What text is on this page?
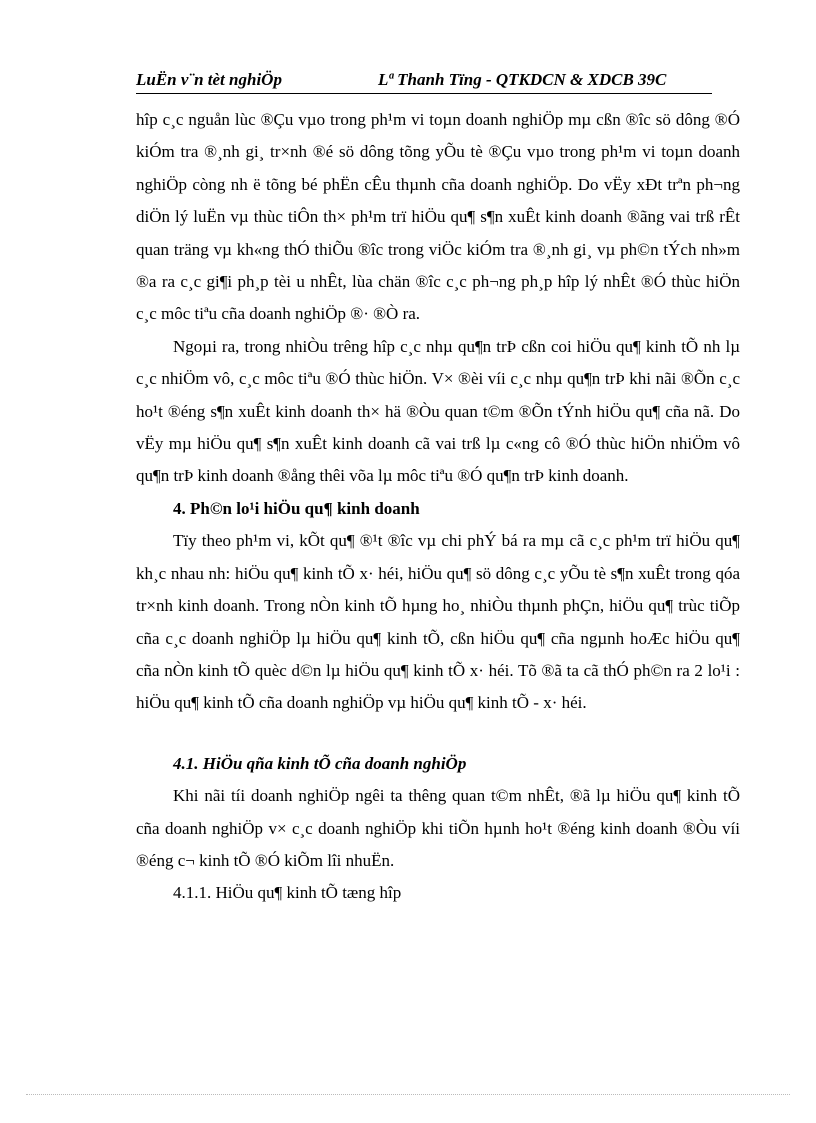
LuËn v¨n tèt nghiÖp	Lª Thanh Tïng - QTKDCN & XDCB 39C

hîp c¸c nguån lùc ®Çu vµo trong ph¹m vi toµn doanh nghiÖp mµ cßn ®îc sö dông ®Ó kiÓm tra ®¸nh gi¸ tr×nh ®é sö dông tõng yÕu tè ®Çu vµo trong ph¹m vi toµn doanh nghiÖp còng nh ë tõng bé phËn cÊu thµnh cña doanh nghiÖp. Do vËy xÐt trªn ph¬ng diÖn lý luËn vµ thùc tiÔn th× ph¹m trï hiÖu qu¶ s¶n xuÊt kinh doanh ®ãng vai trß rÊt quan träng vµ kh«ng thÓ thiÕu ®îc trong viÖc kiÓm tra ®¸nh gi¸ vµ ph©n tÝch nh»m ®a ra c¸c gi¶i ph¸p tèi u nhÊt, lùa chän ®îc c¸c ph¬ng ph¸p hîp lý nhÊt ®Ó thùc hiÖn c¸c môc tiªu cña doanh nghiÖp ®· ®Ò ra.

Ngoµi ra, trong nhiÒu trêng hîp c¸c nhµ qu¶n trÞ cßn coi hiÖu qu¶ kinh tÕ nh lµ c¸c nhiÖm vô, c¸c môc tiªu ®Ó thùc hiÖn. V× ®èi víi c¸c nhµ qu¶n trÞ khi nãi ®Õn c¸c ho¹t ®éng s¶n xuÊt kinh doanh th× hä ®Òu quan t©m ®Õn tÝnh hiÖu qu¶ cña nã. Do vËy mµ hiÖu qu¶ s¶n xuÊt kinh doanh cã vai trß lµ c«ng cô ®Ó thùc hiÖn nhiÖm vô qu¶n trÞ kinh doanh ®ång thêi võa lµ môc tiªu ®Ó qu¶n trÞ kinh doanh.

4. Ph©n lo¹i hiÖu qu¶ kinh doanh

Tïy theo ph¹m vi, kÕt qu¶ ®¹t ®îc vµ chi phÝ bá ra mµ cã c¸c ph¹m trï hiÖu qu¶ kh¸c nhau nh: hiÖu qu¶ kinh tÕ x· héi, hiÖu qu¶ sö dông c¸c yÕu tè s¶n xuÊt trong qóa tr×nh kinh doanh. Trong nÒn kinh tÕ hµng ho¸ nhiÒu thµnh phÇn, hiÖu qu¶ trùc tiÕp cña c¸c doanh nghiÖp lµ hiÖu qu¶ kinh tÕ, cßn hiÖu qu¶ cña ngµnh hoÆc hiÖu qu¶ cña nÒn kinh tÕ quèc d©n lµ hiÖu qu¶ kinh tÕ x· héi. Tõ ®ã ta cã thÓ ph©n ra 2 lo¹i : hiÖu qu¶ kinh tÕ cña doanh nghiÖp vµ hiÖu qu¶ kinh tÕ - x· héi.

4.1. HiÖu qña kinh tÕ cña doanh nghiÖp

Khi nãi tíi doanh nghiÖp ngêi ta thêng quan t©m nhÊt, ®ã lµ hiÖu qu¶ kinh tÕ cña doanh nghiÖp v× c¸c doanh nghiÖp khi tiÕn hµnh ho¹t ®éng kinh doanh ®Òu víi ®éng c¬ kinh tÕ ®Ó kiÕm lîi nhuËn.

4.1.1. HiÖu qu¶ kinh tÕ tæng hîp
